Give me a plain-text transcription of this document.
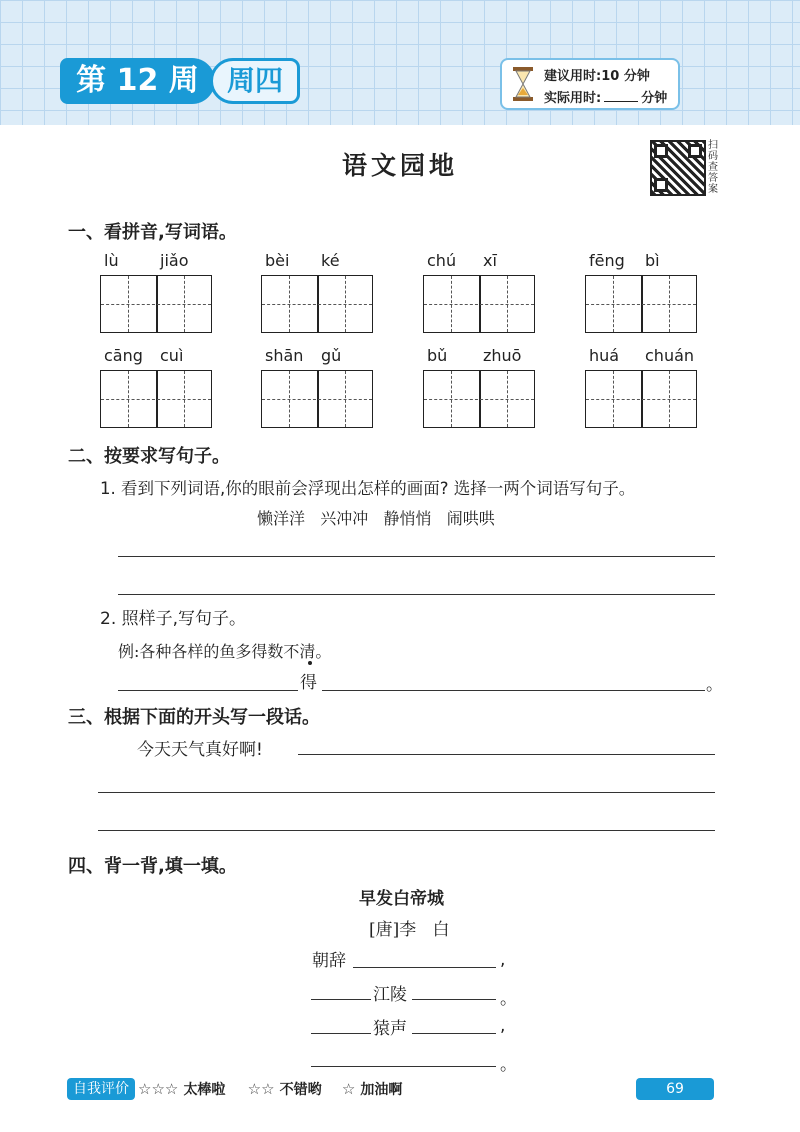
第 12 周	周四	建议用时:10 分钟
实际用时:	分钟
语文园地
扫码查答案
一、看拼音,写词语。
lù	jiǎo	bèi ké	chú xī	fēng bì
cāng cuì	shān gǔ	bǔ zhuō	huá chuán
二、按要求写句子。
1. 看到下列词语,你的眼前会浮现出怎样的画面? 选择一两个词语写句子。
懒洋洋   兴冲冲   静悄悄   闹哄哄
2. 照样子,写句子。
例:各种各样的鱼多得数不清。
得	。
三、根据下面的开头写一段话。
今天天气真好啊!
四、背一背,填一填。
早发白帝城
[唐]李   白
朝辞	,
江陵	。
猿声	,
。
自我评价 ☆☆☆ 太棒啦 ☆☆ 不错哟 ☆ 加油啊	69
